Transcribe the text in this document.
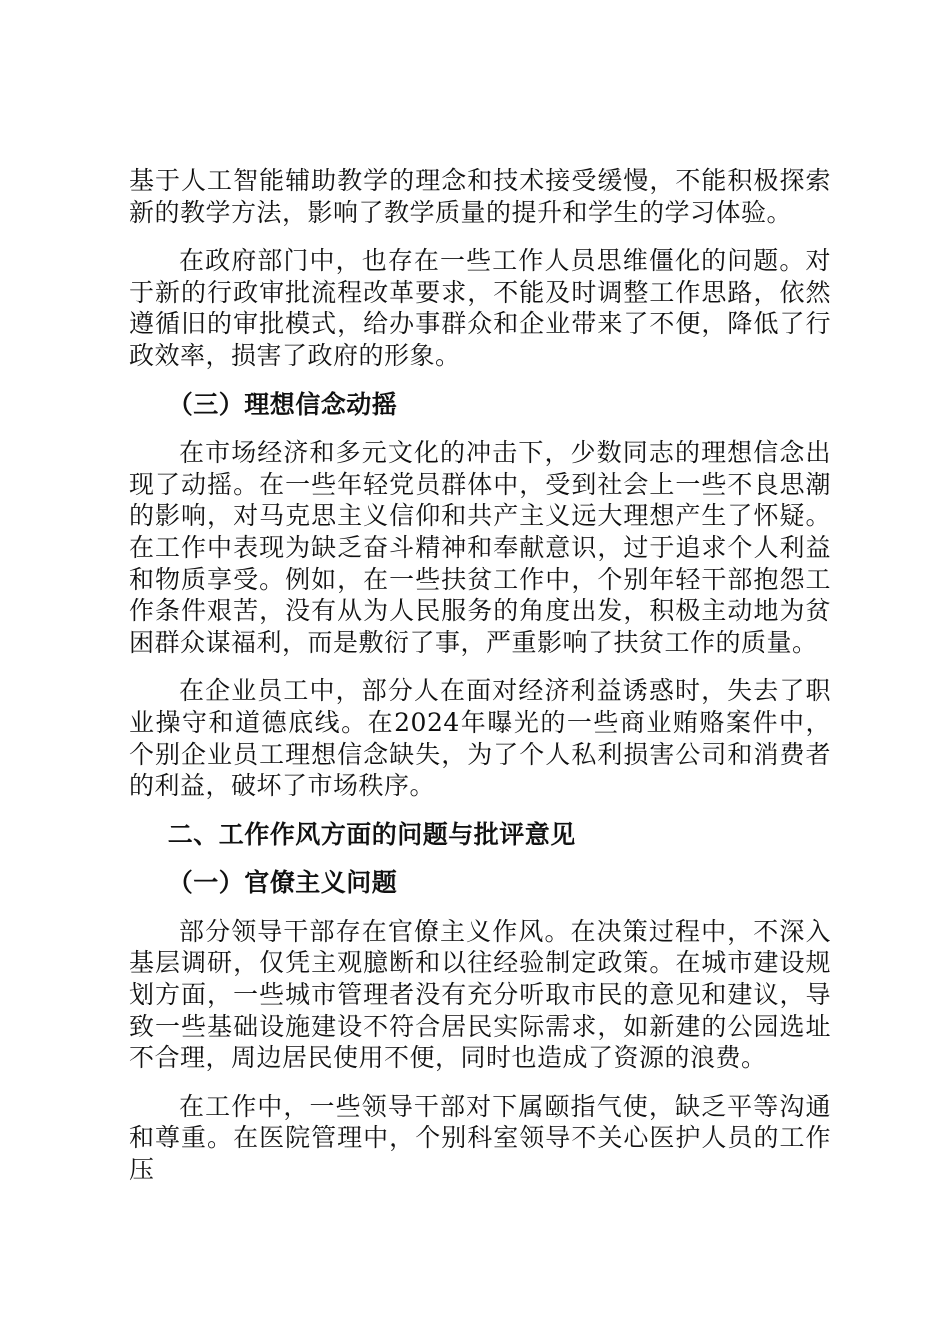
基于人工智能辅助教学的理念和技术接受缓慢，不能积极探索新的教学方法，影响了教学质量的提升和学生的学习体验。

在政府部门中，也存在一些工作人员思维僵化的问题。对于新的行政审批流程改革要求，不能及时调整工作思路，依然遵循旧的审批模式，给办事群众和企业带来了不便，降低了行政效率，损害了政府的形象。

（三）理想信念动摇

在市场经济和多元文化的冲击下，少数同志的理想信念出现了动摇。在一些年轻党员群体中，受到社会上一些不良思潮的影响，对马克思主义信仰和共产主义远大理想产生了怀疑。在工作中表现为缺乏奋斗精神和奉献意识，过于追求个人利益和物质享受。例如，在一些扶贫工作中，个别年轻干部抱怨工作条件艰苦，没有从为人民服务的角度出发，积极主动地为贫困群众谋福利，而是敷衍了事，严重影响了扶贫工作的质量。

在企业员工中，部分人在面对经济利益诱惑时，失去了职业操守和道德底线。在2024年曝光的一些商业贿赂案件中，个别企业员工理想信念缺失，为了个人私利损害公司和消费者的利益，破坏了市场秩序。

二、工作作风方面的问题与批评意见

（一）官僚主义问题

部分领导干部存在官僚主义作风。在决策过程中，不深入基层调研，仅凭主观臆断和以往经验制定政策。在城市建设规划方面，一些城市管理者没有充分听取市民的意见和建议，导致一些基础设施建设不符合居民实际需求，如新建的公园选址不合理，周边居民使用不便，同时也造成了资源的浪费。

在工作中，一些领导干部对下属颐指气使，缺乏平等沟通和尊重。在医院管理中，个别科室领导不关心医护人员的工作压
